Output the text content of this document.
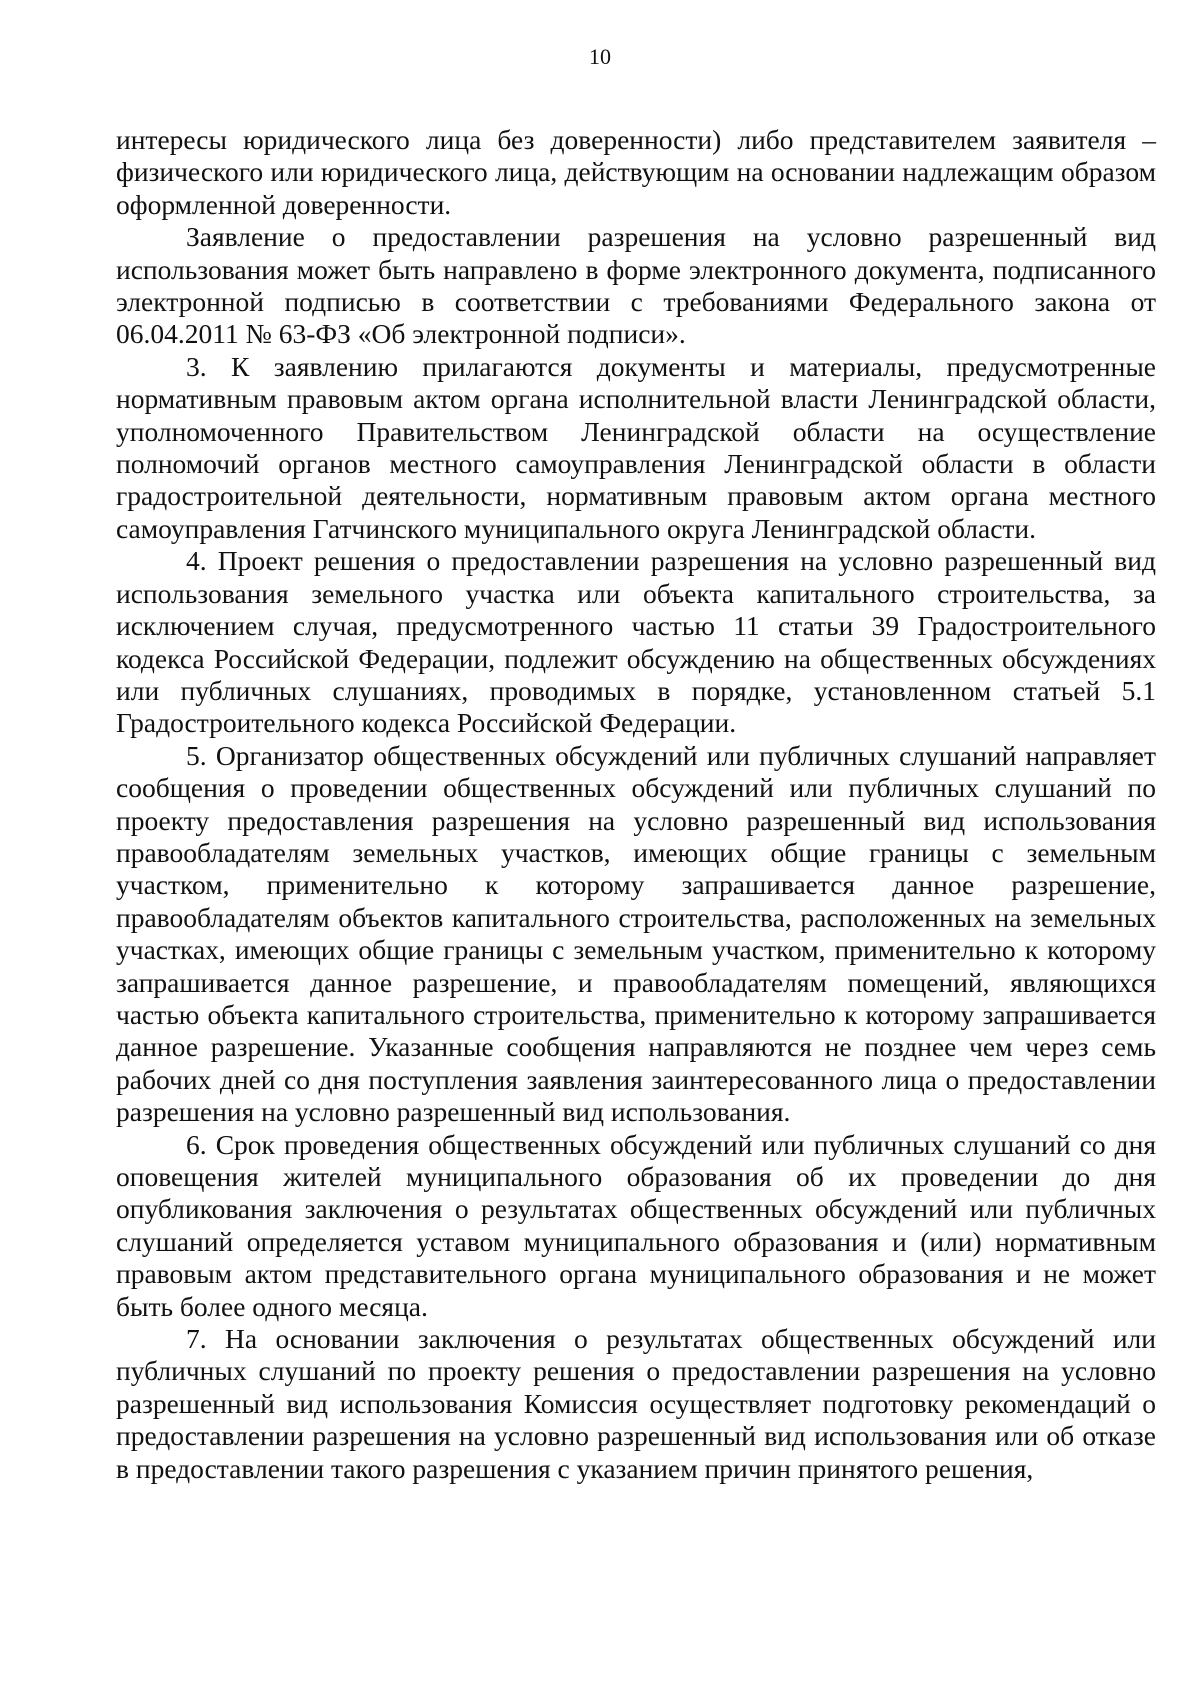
10

интересы юридического лица без доверенности) либо представителем заявителя – физического или юридического лица, действующим на основании надлежащим образом оформленной доверенности.

Заявление о предоставлении разрешения на условно разрешенный вид использования может быть направлено в форме электронного документа, подписанного электронной подписью в соответствии с требованиями Федерального закона от 06.04.2011 № 63-ФЗ «Об электронной подписи».

3. К заявлению прилагаются документы и материалы, предусмотренные нормативным правовым актом органа исполнительной власти Ленинградской области, уполномоченного Правительством Ленинградской области на осуществление полномочий органов местного самоуправления Ленинградской области в области градостроительной деятельности, нормативным правовым актом органа местного самоуправления Гатчинского муниципального округа Ленинградской области.

4. Проект решения о предоставлении разрешения на условно разрешенный вид использования земельного участка или объекта капитального строительства, за исключением случая, предусмотренного частью 11 статьи 39 Градостроительного кодекса Российской Федерации, подлежит обсуждению на общественных обсуждениях или публичных слушаниях, проводимых в порядке, установленном статьей 5.1 Градостроительного кодекса Российской Федерации.

5. Организатор общественных обсуждений или публичных слушаний направляет сообщения о проведении общественных обсуждений или публичных слушаний по проекту предоставления разрешения на условно разрешенный вид использования правообладателям земельных участков, имеющих общие границы с земельным участком, применительно к которому запрашивается данное разрешение, правообладателям объектов капитального строительства, расположенных на земельных участках, имеющих общие границы с земельным участком, применительно к которому запрашивается данное разрешение, и правообладателям помещений, являющихся частью объекта капитального строительства, применительно к которому запрашивается данное разрешение. Указанные сообщения направляются не позднее чем через семь рабочих дней со дня поступления заявления заинтересованного лица о предоставлении разрешения на условно разрешенный вид использования.

6. Срок проведения общественных обсуждений или публичных слушаний со дня оповещения жителей муниципального образования об их проведении до дня опубликования заключения о результатах общественных обсуждений или публичных слушаний определяется уставом муниципального образования и (или) нормативным правовым актом представительного органа муниципального образования и не может быть более одного месяца.

7. На основании заключения о результатах общественных обсуждений или публичных слушаний по проекту решения о предоставлении разрешения на условно разрешенный вид использования Комиссия осуществляет подготовку рекомендаций о предоставлении разрешения на условно разрешенный вид использования или об отказе в предоставлении такого разрешения с указанием причин принятого решения,
